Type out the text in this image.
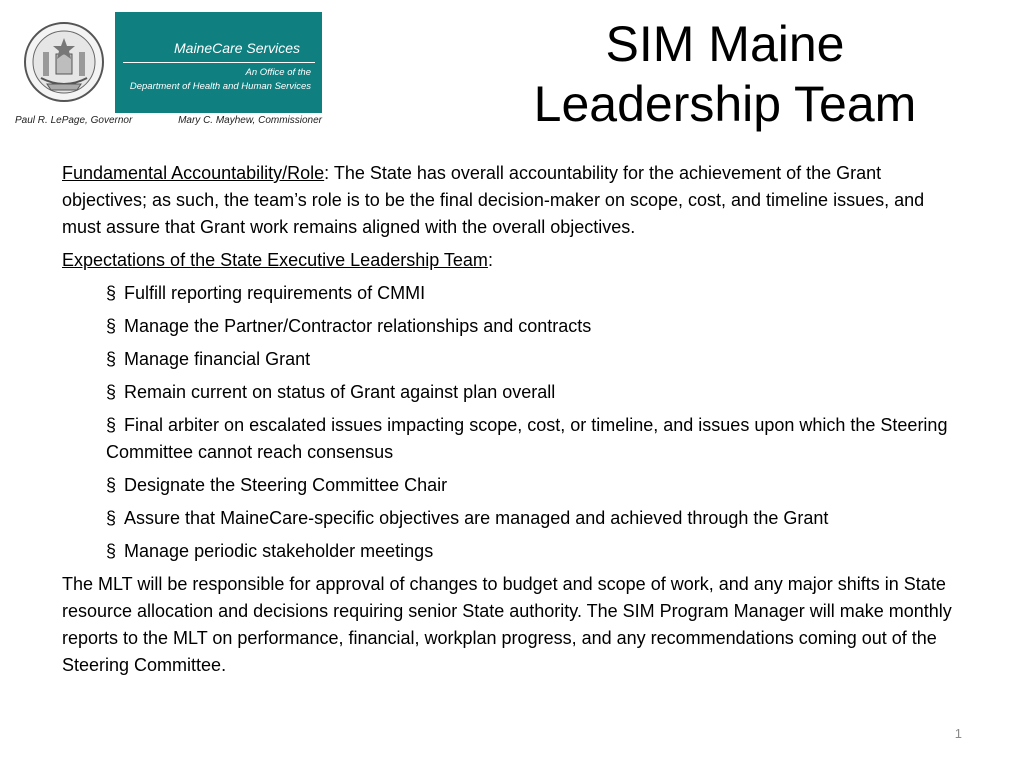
MaineCare Services
An Office of the
Department of Health and Human Services
Paul R. LePage, Governor	Mary C. Mayhew, Commissioner
SIM Maine
Leadership Team

Fundamental Accountability/Role: The State has overall accountability for the achievement of the Grant objectives; as such, the team’s role is to be the final decision-maker on scope, cost, and timeline issues, and must assure that Grant work remains aligned with the overall objectives.

Expectations of the State Executive Leadership Team:

§ Fulfill reporting requirements of CMMI
§ Manage the Partner/Contractor relationships and contracts
§ Manage financial Grant
§ Remain current on status of Grant against plan overall
§ Final arbiter on escalated issues impacting scope, cost, or timeline, and issues upon which the Steering Committee cannot reach consensus
§ Designate the Steering Committee Chair
§ Assure that MaineCare-specific objectives are managed and achieved through the Grant
§ Manage periodic stakeholder meetings

The MLT will be responsible for approval of changes to budget and scope of work, and any major shifts in State resource allocation and decisions requiring senior State authority. The SIM Program Manager will make monthly reports to the MLT on performance, financial, workplan progress, and any recommendations coming out of the Steering Committee.

1
